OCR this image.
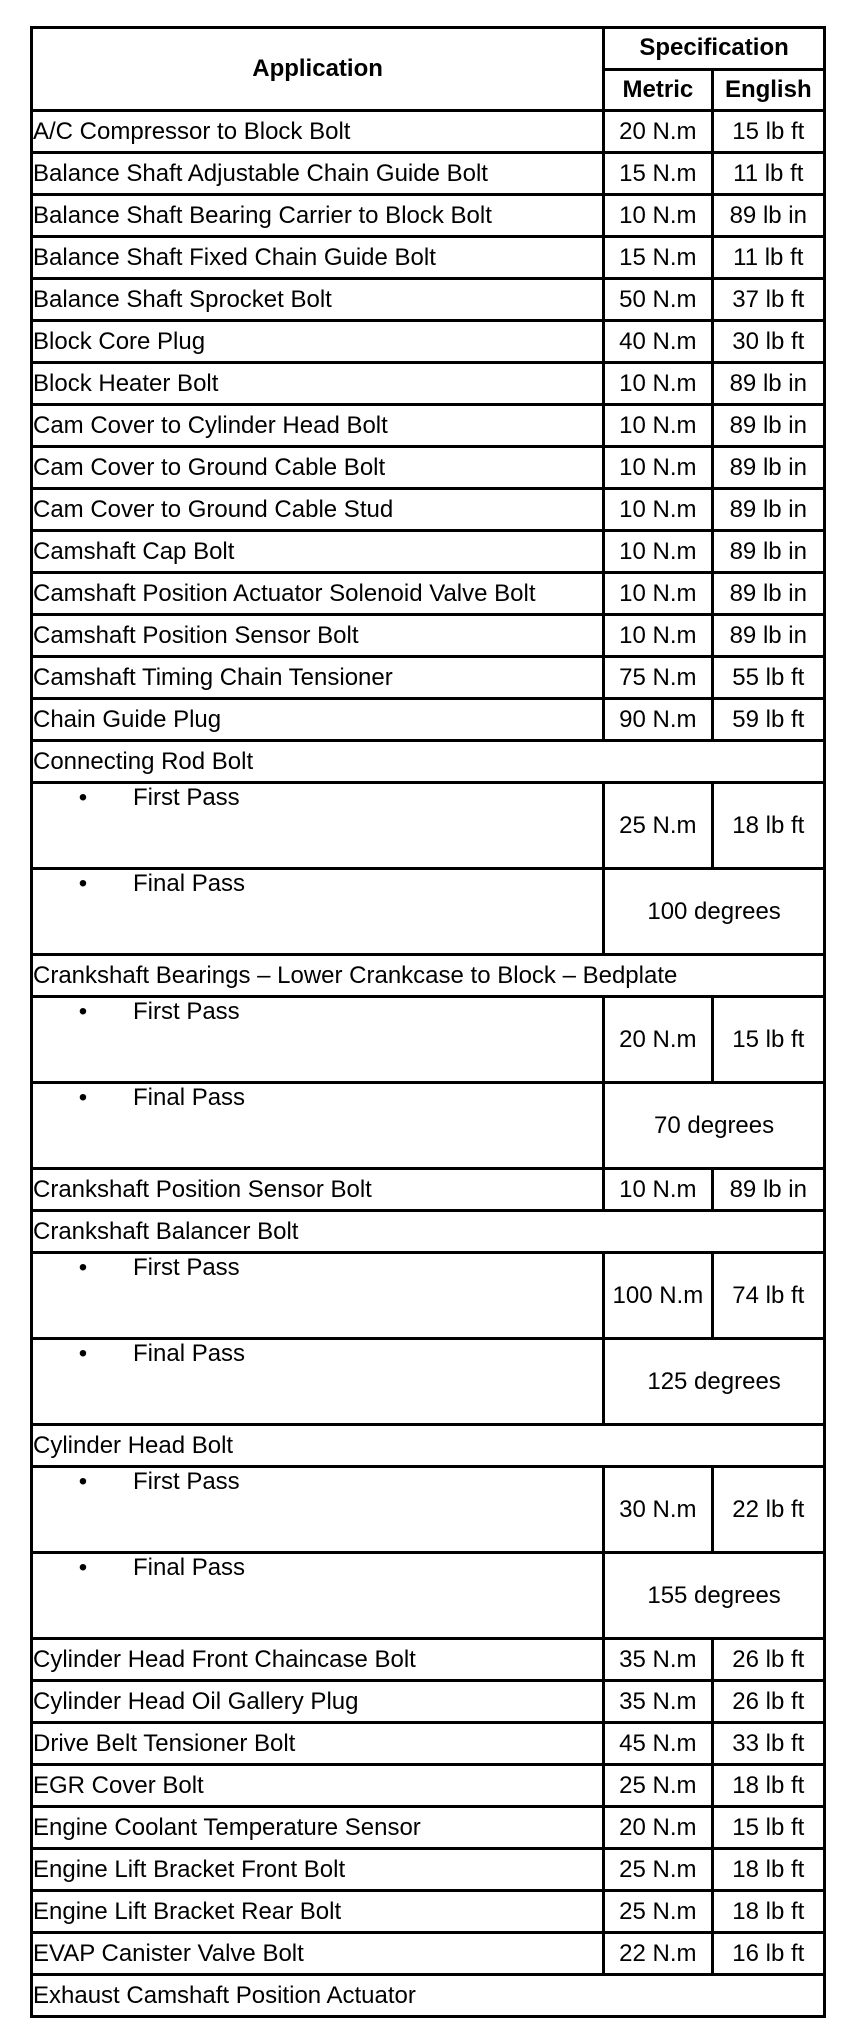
Application	Specification	
	Metric	English
A/C Compressor to Block Bolt	20 N.m	15 lb ft
Balance Shaft Adjustable Chain Guide Bolt	15 N.m	11 lb ft
Balance Shaft Bearing Carrier to Block Bolt	10 N.m	89 lb in
Balance Shaft Fixed Chain Guide Bolt	15 N.m	11 lb ft
Balance Shaft Sprocket Bolt	50 N.m	37 lb ft
Block Core Plug	40 N.m	30 lb ft
Block Heater Bolt	10 N.m	89 lb in
Cam Cover to Cylinder Head Bolt	10 N.m	89 lb in
Cam Cover to Ground Cable Bolt	10 N.m	89 lb in
Cam Cover to Ground Cable Stud	10 N.m	89 lb in
Camshaft Cap Bolt	10 N.m	89 lb in
Camshaft Position Actuator Solenoid Valve Bolt	10 N.m	89 lb in
Camshaft Position Sensor Bolt	10 N.m	89 lb in
Camshaft Timing Chain Tensioner	75 N.m	55 lb ft
Chain Guide Plug	90 N.m	59 lb ft
Connecting Rod Bolt		
• First Pass	25 N.m	18 lb ft
• Final Pass	100 degrees	
Crankshaft Bearings – Lower Crankcase to Block – Bedplate		
• First Pass	20 N.m	15 lb ft
• Final Pass	70 degrees	
Crankshaft Position Sensor Bolt	10 N.m	89 lb in
Crankshaft Balancer Bolt		
• First Pass	100 N.m	74 lb ft
• Final Pass	125 degrees	
Cylinder Head Bolt		
• First Pass	30 N.m	22 lb ft
• Final Pass	155 degrees	
Cylinder Head Front Chaincase Bolt	35 N.m	26 lb ft
Cylinder Head Oil Gallery Plug	35 N.m	26 lb ft
Drive Belt Tensioner Bolt	45 N.m	33 lb ft
EGR Cover Bolt	25 N.m	18 lb ft
Engine Coolant Temperature Sensor	20 N.m	15 lb ft
Engine Lift Bracket Front Bolt	25 N.m	18 lb ft
Engine Lift Bracket Rear Bolt	25 N.m	18 lb ft
EVAP Canister Valve Bolt	22 N.m	16 lb ft
Exhaust Camshaft Position Actuator		
